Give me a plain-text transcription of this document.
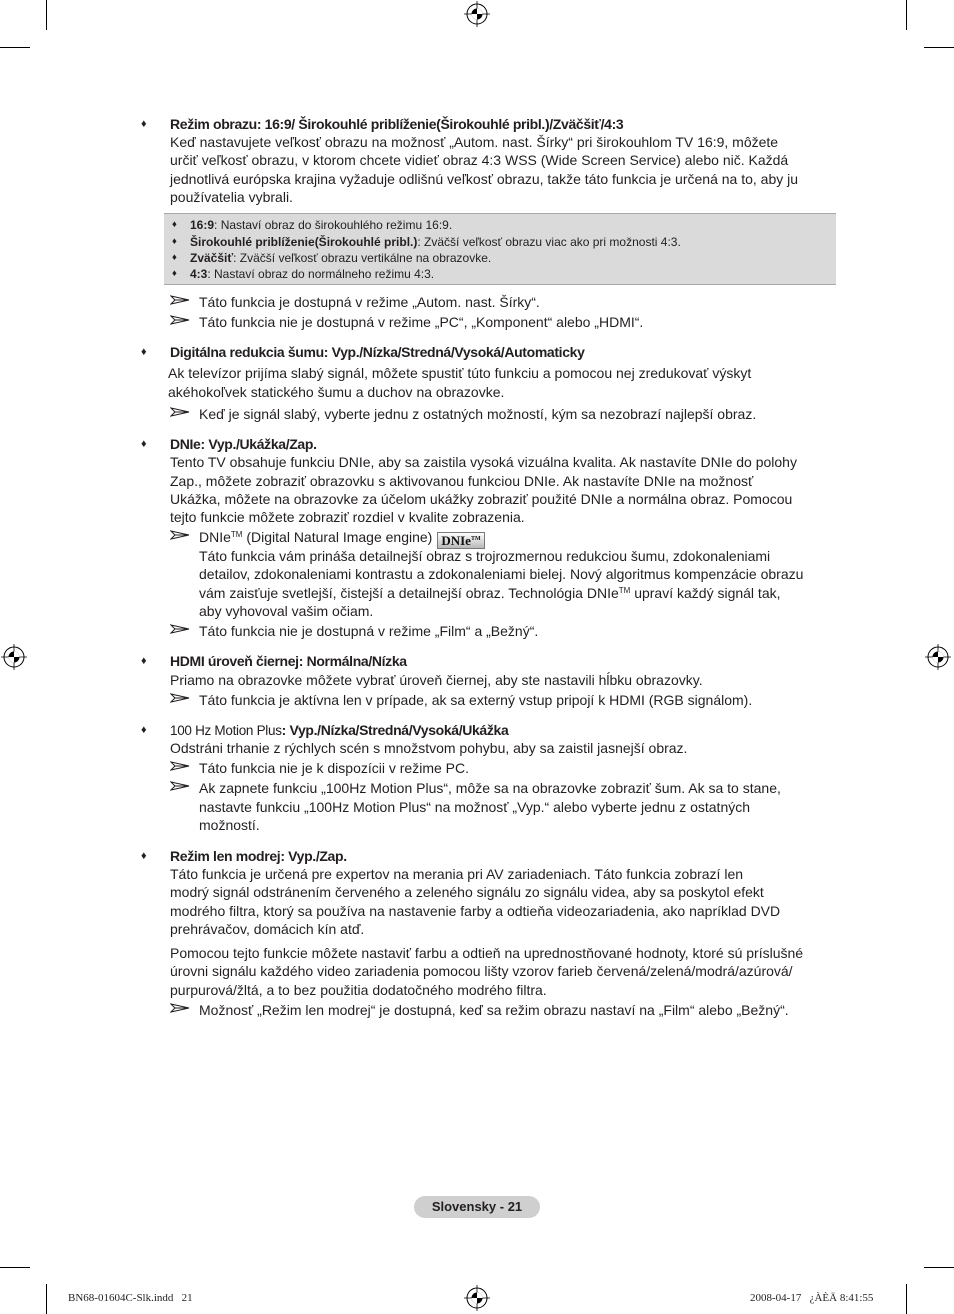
♦
Režim obrazu: 16:9/ Širokouhlé priblíženie(Širokouhlé pribl.)/Zväčšiť/4:3
Keď nastavujete veľkosť obrazu na možnosť „Autom. nast. Šírky“ pri širokouhlom TV 16:9, môžete
určiť veľkosť obrazu, v ktorom chcete vidieť obraz 4:3 WSS (Wide Screen Service) alebo nič. Každá
jednotlivá európska krajina vyžaduje odlišnú veľkosť obrazu, takže táto funkcia je určená na to, aby ju
používatelia vybrali.
♦
16:9: Nastaví obraz do širokouhlého režimu 16:9.
♦
Širokouhlé priblíženie(Širokouhlé pribl.): Zväčší veľkosť obrazu viac ako pri možnosti 4:3.
♦
Zväčšiť: Zväčší veľkosť obrazu vertikálne na obrazovke.
♦
4:3: Nastaví obraz do normálneho režimu 4:3.
Táto funkcia je dostupná v režime „Autom. nast. Šírky“.
Táto funkcia nie je dostupná v režime „PC“, „Komponent“ alebo „HDMI“.
♦
Digitálna redukcia šumu: Vyp./Nízka/Stredná/Vysoká/Automaticky
Ak televízor prijíma slabý signál, môžete spustiť túto funkciu a pomocou nej zredukovať výskyt
akéhokoľvek statického šumu a duchov na obrazovke.
Keď je signál slabý, vyberte jednu z ostatných možností, kým sa nezobrazí najlepší obraz.
♦
DNIe: Vyp./Ukážka/Zap.
Tento TV obsahuje funkciu DNIe, aby sa zaistila vysoká vizuálna kvalita. Ak nastavíte DNIe do polohy
Zap., môžete zobraziť obrazovku s aktivovanou funkciou DNIe. Ak nastavíte DNIe na možnosť
Ukážka, môžete na obrazovke za účelom ukážky zobraziť použité DNIe a normálna obraz. Pomocou
tejto funkcie môžete zobraziť rozdiel v kvalite zobrazenia.
DNIe™ (Digital Natural Image engine) DNIe™
Táto funkcia vám prináša detailnejší obraz s trojrozmernou redukciou šumu, zdokonaleniami
detailov, zdokonaleniami kontrastu a zdokonaleniami bielej. Nový algoritmus kompenzácie obrazu
vám zaisťuje svetlejší, čistejší a detailnejší obraz. Technológia DNIe™ upraví každý signál tak,
aby vyhovoval vašim očiam.
Táto funkcia nie je dostupná v režime „Film“ a „Bežný“.
♦
HDMI úroveň čiernej: Normálna/Nízka
Priamo na obrazovke môžete vybrať úroveň čiernej, aby ste nastavili hĺbku obrazovky.
Táto funkcia je aktívna len v prípade, ak sa externý vstup pripojí k HDMI (RGB signálom).
♦
100 Hz Motion Plus: Vyp./Nízka/Stredná/Vysoká/Ukážka
Odstráni trhanie z rýchlych scén s množstvom pohybu, aby sa zaistil jasnejší obraz.
Táto funkcia nie je k dispozícii v režime PC.
Ak zapnete funkciu „100Hz Motion Plus“, môže sa na obrazovke zobraziť šum. Ak sa to stane,
nastavte funkciu „100Hz Motion Plus“ na možnosť „Vyp.“ alebo vyberte jednu z ostatných
možností.
♦
Režim len modrej: Vyp./Zap.
Táto funkcia je určená pre expertov na merania pri AV zariadeniach. Táto funkcia zobrazí len
modrý signál odstránením červeného a zeleného signálu zo signálu videa, aby sa poskytol efekt
modrého filtra, ktorý sa používa na nastavenie farby a odtieňa videozariadenia, ako napríklad DVD
prehrávačov, domácich kín atď.
Pomocou tejto funkcie môžete nastaviť farbu a odtieň na uprednostňované hodnoty, ktoré sú príslušné
úrovni signálu každého video zariadenia pomocou lišty vzorov farieb červená/zelená/modrá/azúrová/
purpurová/žltá, a to bez použitia dodatočného modrého filtra.
Možnosť „Režim len modrej“ je dostupná, keď sa režim obrazu nastaví na „Film“ alebo „Bežný“.
Slovensky - 21
BN68-01604C-Slk.indd   21	2008-04-17   ¿ÀÈÄ 8:41:55
